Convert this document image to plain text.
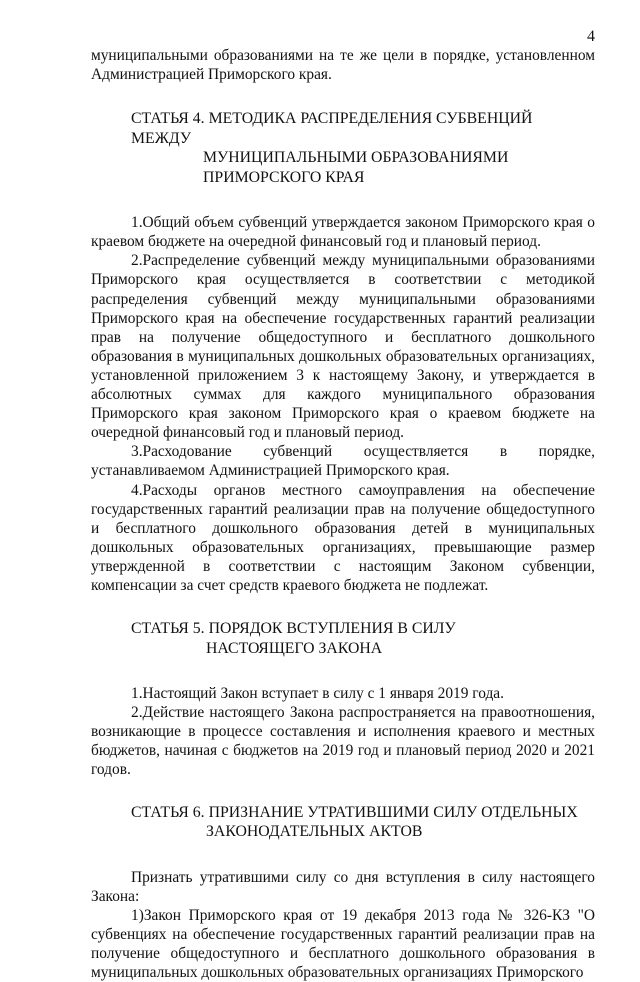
4

муниципальными образованиями на те же цели в порядке, установленном Администрацией Приморского края.

СТАТЬЯ 4. МЕТОДИКА РАСПРЕДЕЛЕНИЯ СУБВЕНЦИЙ МЕЖДУ
МУНИЦИПАЛЬНЫМИ ОБРАЗОВАНИЯМИ
ПРИМОРСКОГО КРАЯ

1.Общий объем субвенций утверждается законом Приморского края о краевом бюджете на очередной финансовый год и плановый период.

2.Распределение субвенций между муниципальными образованиями Приморского края осуществляется в соответствии с методикой распределения субвенций между муниципальными образованиями Приморского края на обеспечение государственных гарантий реализации прав на получение общедоступного и бесплатного дошкольного образования в муниципальных дошкольных образовательных организациях, установленной приложением 3 к настоящему Закону, и утверждается в абсолютных суммах для каждого муниципального образования Приморского края законом Приморского края о краевом бюджете на очередной финансовый год и плановый период.

3.Расходование субвенций осуществляется в порядке, устанавливаемом Администрацией Приморского края.

4.Расходы органов местного самоуправления на обеспечение государственных гарантий реализации прав на получение общедоступного и бесплатного дошкольного образования детей в муниципальных дошкольных образовательных организациях, превышающие размер утвержденной в соответствии с настоящим Законом субвенции, компенсации за счет средств краевого бюджета не подлежат.

СТАТЬЯ 5. ПОРЯДОК ВСТУПЛЕНИЯ В СИЛУ
НАСТОЯЩЕГО ЗАКОНА

1.Настоящий Закон вступает в силу с 1 января 2019 года.

2.Действие настоящего Закона распространяется на правоотношения, возникающие в процессе составления и исполнения краевого и местных бюджетов, начиная с бюджетов на 2019 год и плановый период 2020 и 2021 годов.

СТАТЬЯ 6. ПРИЗНАНИЕ УТРАТИВШИМИ СИЛУ ОТДЕЛЬНЫХ
ЗАКОНОДАТЕЛЬНЫХ АКТОВ

Признать утратившими силу со дня вступления в силу настоящего Закона:

1)Закон Приморского края от 19 декабря 2013 года № 326-КЗ "О субвенциях на обеспечение государственных гарантий реализации прав на получение общедоступного и бесплатного дошкольного образования в муниципальных дошкольных образовательных организациях Приморского
